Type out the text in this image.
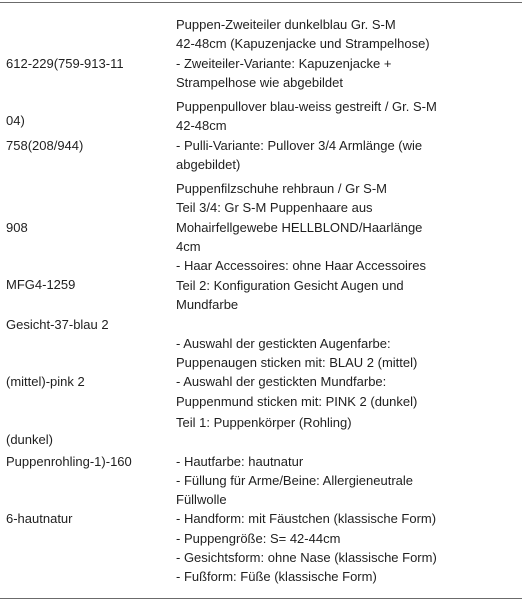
612-229(759-913-11

04)

Puppen-Zweiteiler dunkelblau Gr. S-M
42-48cm (Kapuzenjacke und Strampelhose)
- Zweiteiler-Variante: Kapuzenjacke +
Strampelhose wie abgebildet

758(208/944)

Puppenpullover blau-weiss gestreift / Gr. S-M
42-48cm
- Pulli-Variante: Pullover 3/4 Armlänge (wie
abgebildet)

908

MFG4-1259

Puppenfilzschuhe rehbraun / Gr S-M
Teil 3/4: Gr S-M Puppenhaare aus
Mohairfellgewebe HELLBLOND/Haarlänge
4cm
- Haar Accessoires: ohne Haar Accessoires

Gesicht-37-blau 2

(mittel)-pink 2

(dunkel)

Teil 2: Konfiguration Gesicht Augen und
Mundfarbe
- Auswahl der gestickten Augenfarbe:
Puppenaugen sticken mit: BLAU 2 (mittel)
- Auswahl der gestickten Mundfarbe:
Puppenmund sticken mit: PINK 2 (dunkel)

Puppenrohling-1)-160

6-hautnatur

Teil 1: Puppenkörper (Rohling)
- Hautfarbe: hautnatur
- Füllung für Arme/Beine: Allergieneutrale
Füllwolle
- Handform: mit Fäustchen (klassische Form)
- Puppengröße: S= 42-44cm
- Gesichtsform: ohne Nase (klassische Form)
- Fußform: Füße (klassische Form)
